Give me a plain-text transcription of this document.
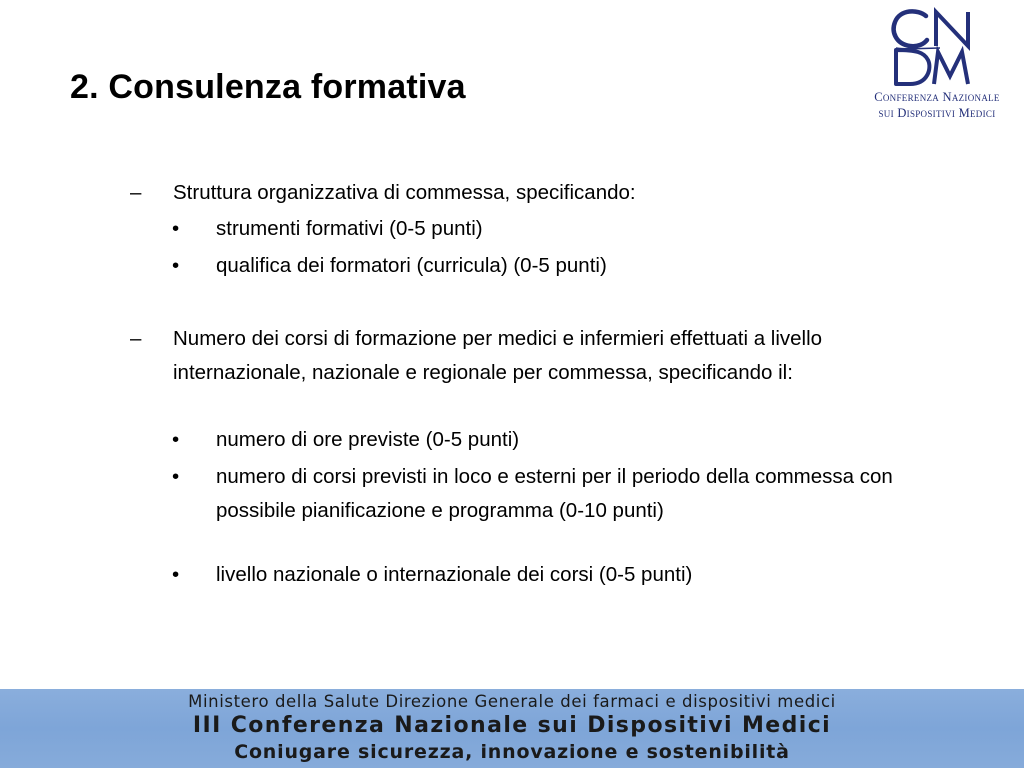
2. Consulenza formativa	Conferenza Nazionale
sui Dispositivi Medici
– Struttura organizzativa di commessa, specificando:
• strumenti formativi (0-5 punti)
• qualifica dei formatori (curricula) (0-5 punti)
– Numero dei corsi di formazione per medici e infermieri effettuati a livello internazionale, nazionale e regionale per commessa, specificando il:
• numero di ore previste (0-5 punti)
• numero di corsi previsti in loco e esterni per il periodo della commessa con possibile pianificazione e programma (0-10 punti)
• livello nazionale o internazionale dei corsi (0-5 punti)
Ministero della Salute Direzione Generale dei farmaci e dispositivi medici
III Conferenza Nazionale sui Dispositivi Medici
Coniugare sicurezza, innovazione e sostenibilità
